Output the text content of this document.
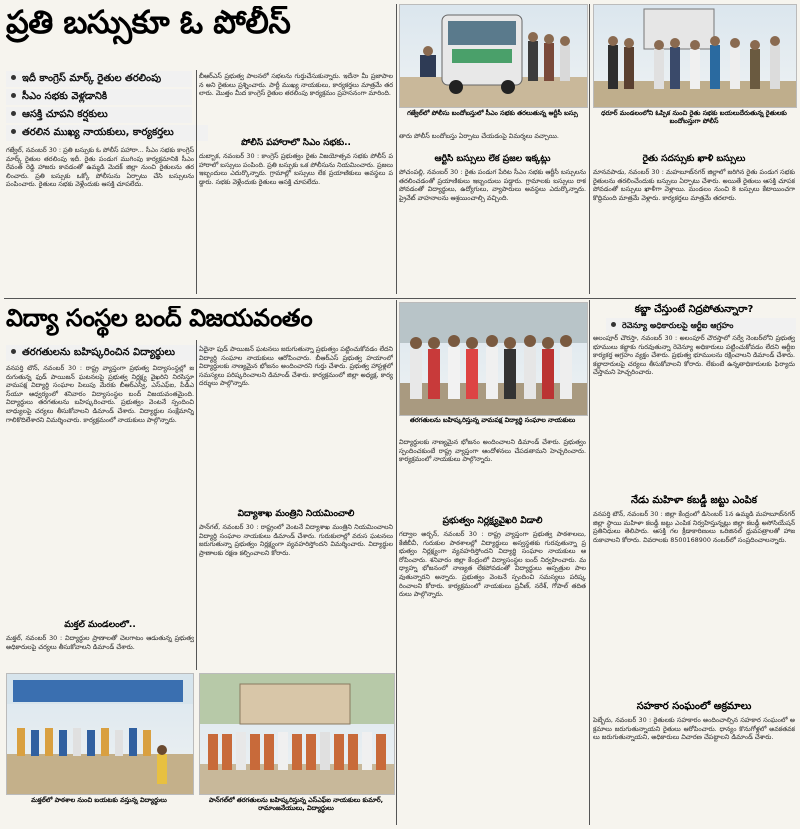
ప్రతి బస్సుకూ ఓ పోలీస్
ఇదీ కాంగ్రెస్ మార్క్ రైతుల తరలింపు
సీఎం సభకు వెళ్లడానికి
ఆసక్తి చూపని కర్షకులు
తరలిన ముఖ్య నాయకులు, కార్యకర్తలు
గజ్వేల్, నవంబర్ 30 : ప్రతి బస్సుకు ఓ పోలీస్ పహారా... సీఎం సభకు కాంగ్రెస్ మార్క్ రైతుల తరలింపు ఇదీ. రైతు పండుగ ముగింపు కార్యక్రమానికి సీఎం రేవంత్ రెడ్డి హాజరు కావడంతో ఉమ్మడి మెదక్ జిల్లా నుంచి రైతులను తరలించారు. ప్రతి బస్సుకు ఒక్కో పోలీసును ఏర్పాటు చేసి బస్సులను పంపించారు. రైతులు సభకు వెళ్లేందుకు ఆసక్తి చూపలేదు.
బీఆర్ఎస్ ప్రభుత్వ పాలనలో సభలను గుర్తుచేసుకున్నారు. ఇదేనా మీ ప్రజాపాలన అని రైతులు ప్రశ్నించారు. పార్టీ ముఖ్య నాయకులు, కార్యకర్తలు మాత్రమే తరలారు. మొత్తం మీద కాంగ్రెస్ రైతుల తరలింపు కార్యక్రమం ప్రహసనంగా మారింది.
పోలీస్ పహారాలో సీఎం సభకు..
దుబ్బాక, నవంబర్ 30 : కాంగ్రెస్ ప్రభుత్వం రైతు విజయోత్సవ సభకు పోలీస్ పహారాలో బస్సులు పంపింది. ప్రతి బస్సుకు ఒక పోలీసును నియమించారు. ప్రజలు ఇబ్బందులు ఎదుర్కొన్నారు. గ్రామాల్లో బస్సులు లేక ప్రయాణికులు అవస్థలు పడ్డారు. సభకు వెళ్లేందుకు రైతులు ఆసక్తి చూపలేదు.
గజ్వేల్‌లో పోలీసు బందోబస్తులో సీఎం సభకు తరలుతున్న ఆర్టీసీ బస్సు	ధరూర్ మండలంలోని ఓప్పిక నుంచి రైతు సభకు బయలుదేరుతున్న రైతులకు బందోబస్తుగా పోలీస్
తారు పోలీస్ బందోబస్తు ఏర్పాటు చేయడంపై విమర్శలు వచ్చాయి.
ఆర్టీసీ బస్సులు లేక ప్రజల ఇక్కట్లు
పోచంపల్లి, నవంబర్ 30 : రైతు పండుగ పేరిట సీఎం సభకు ఆర్టీసీ బస్సులను తరలించడంతో ప్రయాణికులు ఇబ్బందులు పడ్డారు. గ్రామాలకు బస్సులు రాకపోవడంతో విద్యార్థులు, ఉద్యోగులు, వ్యాపారులు అవస్థలు ఎదుర్కొన్నారు. ప్రైవేట్ వాహనాలను ఆశ్రయించాల్సి వచ్చింది.
రైతు సదస్సుకు ఖాళీ బస్సులు
మానవపాడు, నవంబర్ 30 : మహబూబ్‌నగర్ జిల్లాలో జరిగిన రైతు పండుగ సభకు రైతులను తరలించేందుకు బస్సులు ఏర్పాటు చేశారు. అయితే రైతులు ఆసక్తి చూపకపోవడంతో బస్సులు ఖాళీగా వెళ్లాయి. మండలం నుంచి 8 బస్సులు కేటాయించగా కొద్దిమంది మాత్రమే వెళ్లారు. కార్యకర్తలు మాత్రమే తరలారు.
విద్యా సంస్థల బంద్ విజయవంతం
తరగతులను బహిష్కరిస్తున్న వామపక్ష విద్యార్థి సంఘాల నాయకులు
తరగతులను బహిష్కరించిన విద్యార్థులు
వనపర్తి టౌన్, నవంబర్ 30 : రాష్ట్ర వ్యాప్తంగా ప్రభుత్వ విద్యాసంస్థల్లో జరుగుతున్న ఫుడ్ పాయిజన్ ఘటనలపై ప్రభుత్వ నిర్లక్ష్య వైఖరిని నిరసిస్తూ వామపక్ష విద్యార్థి సంఘాల పిలుపు మేరకు బీఆర్ఎస్వీ, ఎస్ఎఫ్ఐ, పీడీఎస్‌యూ ఆధ్వర్యంలో శనివారం విద్యాసంస్థల బంద్ విజయవంతమైంది. విద్యార్థులు తరగతులను బహిష్కరించారు. ప్రభుత్వం వెంటనే స్పందించి బాధ్యులపై చర్యలు తీసుకోవాలని డిమాండ్ చేశారు. విద్యార్థుల సంక్షేమాన్ని గాలికొదిలేశారని విమర్శించారు. కార్యక్రమంలో నాయకులు పాల్గొన్నారు.
మక్తల్ మండలంలో..
మక్తల్, నవంబర్ 30 : విద్యార్థుల ప్రాణాలతో చెలగాటం ఆడుతున్న ప్రభుత్వ అధికారులపై చర్యలు తీసుకోవాలని డిమాండ్ చేశారు.
ఏదైనా ఫుడ్ పాయిజన్ ఘటనలు జరుగుతున్నా ప్రభుత్వం పట్టించుకోవడం లేదని విద్యార్థి సంఘాల నాయకులు ఆరోపించారు. బీఆర్ఎస్ ప్రభుత్వ హయాంలో విద్యార్థులకు నాణ్యమైన భోజనం అందించారని గుర్తు చేశారు. ప్రభుత్వ హాస్టళ్లలో సమస్యలు పరిష్కరించాలని డిమాండ్ చేశారు. కార్యక్రమంలో జిల్లా అధ్యక్ష, కార్యదర్శులు పాల్గొన్నారు.
విద్యాశాఖ మంత్రిని నియమించాలి
పాన్‌గల్, నవంబర్ 30 : రాష్ట్రంలో వెంటనే విద్యాశాఖ మంత్రిని నియమించాలని విద్యార్థి సంఘాల నాయకులు డిమాండ్ చేశారు. గురుకులాల్లో వరుస ఘటనలు జరుగుతున్నా ప్రభుత్వం నిర్లక్ష్యంగా వ్యవహరిస్తోందని విమర్శించారు. విద్యార్థుల ప్రాణాలకు రక్షణ కల్పించాలని కోరారు.
విద్యార్థులకు నాణ్యమైన భోజనం అందించాలని డిమాండ్ చేశారు. ప్రభుత్వం స్పందించకుంటే రాష్ట్ర వ్యాప్తంగా ఆందోళనలు చేపడతామని హెచ్చరించారు. కార్యక్రమంలో నాయకులు పాల్గొన్నారు.
ప్రభుత్వం నిర్లక్ష్యవైఖరి వీడాలి
గద్వాల అర్బన్, నవంబర్ 30 : రాష్ట్ర వ్యాప్తంగా ప్రభుత్వ పాఠశాలలు, కేజీబీవీ, గురుకుల పాఠశాలల్లో విద్యార్థులు అస్వస్థతకు గురవుతున్నా ప్రభుత్వం నిర్లక్ష్యంగా వ్యవహరిస్తోందని విద్యార్థి సంఘాల నాయకులు ఆరోపించారు. శనివారం జిల్లా కేంద్రంలో విద్యాసంస్థల బంద్ నిర్వహించారు. మధ్యాహ్న భోజనంలో నాణ్యత లేకపోవడంతో విద్యార్థులు ఆస్పత్రుల పాలవుతున్నారని అన్నారు. ప్రభుత్వం వెంటనే స్పందించి సమస్యలు పరిష్కరించాలని కోరారు. కార్యక్రమంలో నాయకులు ప్రవీణ్, నరేశ్, గోపాల్ తదితరులు పాల్గొన్నారు.
మక్తల్‌లో పాఠశాల నుంచి బయటకు వస్తున్న విద్యార్థులు	పాన్‌గల్‌లో తరగతులను బహిష్కరిస్తున్న ఎస్ఎఫ్ఐ నాయకులు కుమార్, రామాంజనేయులు, విద్యార్థులు
కబ్జా చేస్తుంటే నిద్రపోతున్నారా?
రెవెన్యూ అధికారులపై ఆర్టీఐ ఆగ్రహం
అలంపూర్ చౌరస్తా, నవంబర్ 30 : అలంపూర్ చౌరస్తాలో సర్వే నెంబర్‌లోని ప్రభుత్వ భూములు కబ్జాకు గురవుతున్నా రెవెన్యూ అధికారులు పట్టించుకోవడం లేదని ఆర్టీఐ కార్యకర్త ఆగ్రహం వ్యక్తం చేశారు. ప్రభుత్వ భూములను రక్షించాలని డిమాండ్ చేశారు. కబ్జాదారులపై చర్యలు తీసుకోవాలని కోరారు. లేకుంటే ఉన్నతాధికారులకు ఫిర్యాదు చేస్తామని హెచ్చరించారు.
నేడు మహిళా కబడ్డీ జట్టు ఎంపిక
వనపర్తి టౌన్, నవంబర్ 30 : జిల్లా కేంద్రంలో డిసెంబర్ 1న ఉమ్మడి మహబూబ్‌నగర్ జిల్లా స్థాయి మహిళా కబడ్డీ జట్టు ఎంపిక నిర్వహిస్తున్నట్లు జిల్లా కబడ్డీ అసోసియేషన్ ప్రతినిధులు తెలిపారు. ఆసక్తి గల క్రీడాకారిణులు ఒరిజినల్ ధ్రువపత్రాలతో హాజరుకావాలని కోరారు. వివరాలకు 8500168900 నంబర్‌లో సంప్రదించాలన్నారు.
సహకార సంఘంలో అక్రమాలు
పెబ్బేరు, నవంబర్ 30 : రైతులకు సహకారం అందించాల్సిన సహకార సంఘంలో అక్రమాలు జరుగుతున్నాయని రైతులు ఆరోపించారు. ధాన్యం కొనుగోళ్లలో అవకతవకలు జరుగుతున్నాయని, అధికారులు విచారణ చేపట్టాలని డిమాండ్ చేశారు.
